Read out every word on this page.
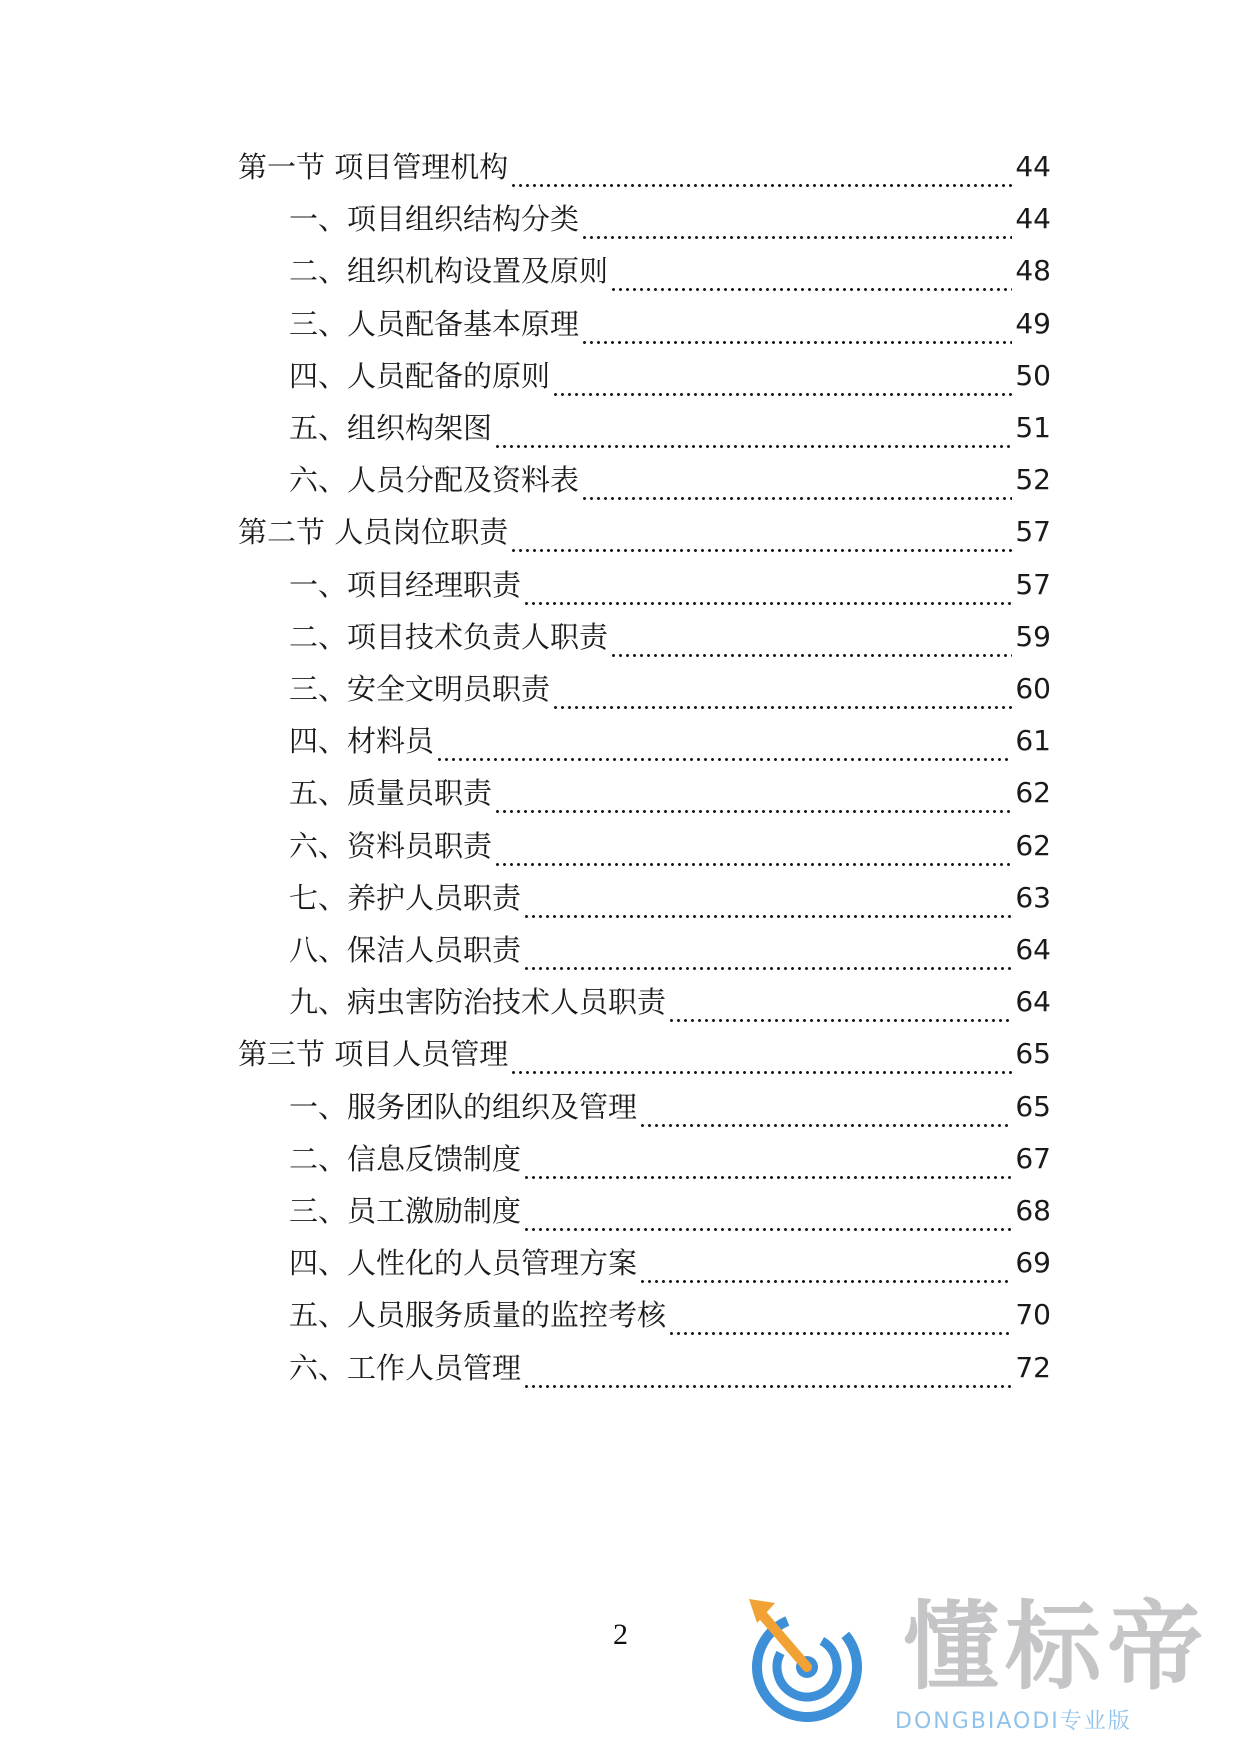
第一节 项目管理机构	44
一、项目组织结构分类	44
二、组织机构设置及原则	48
三、人员配备基本原理	49
四、人员配备的原则	50
五、组织构架图	51
六、人员分配及资料表	52
第二节 人员岗位职责	57
一、项目经理职责	57
二、项目技术负责人职责	59
三、安全文明员职责	60
四、材料员	61
五、质量员职责	62
六、资料员职责	62
七、养护人员职责	63
八、保洁人员职责	64
九、病虫害防治技术人员职责	64
第三节 项目人员管理	65
一、服务团队的组织及管理	65
二、信息反馈制度	67
三、员工激励制度	68
四、人性化的人员管理方案	69
五、人员服务质量的监控考核	70
六、工作人员管理	72
2	懂标帝
DONGBIAODI专业版
